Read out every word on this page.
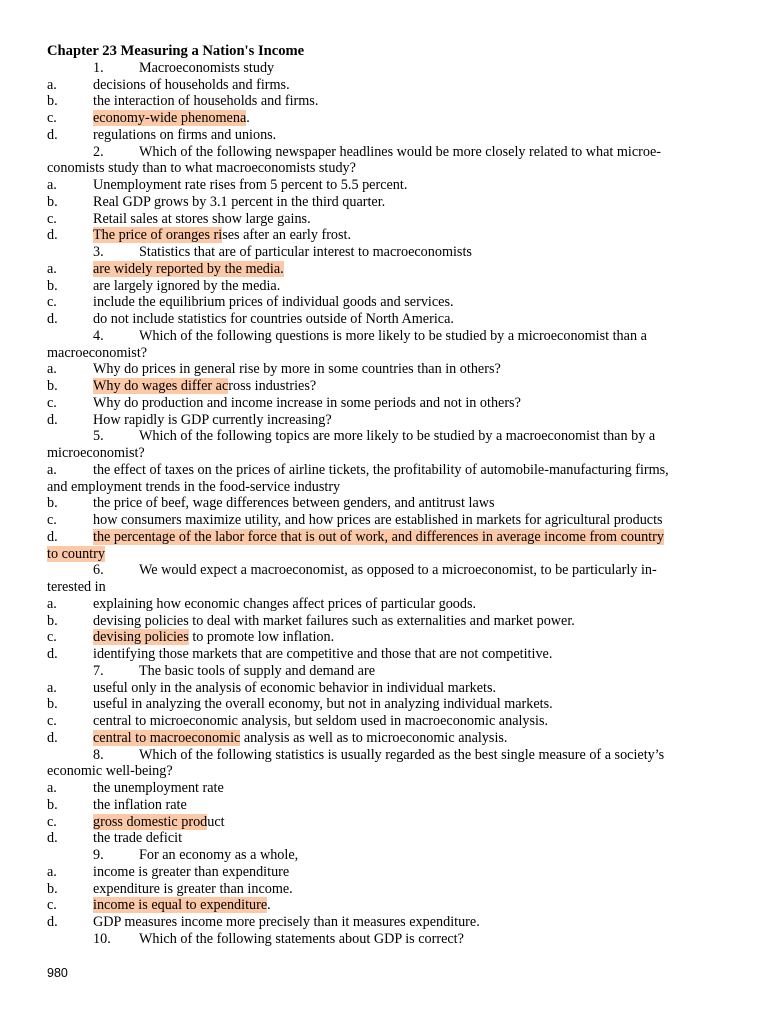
Chapter 23 Measuring a Nation's Income
1. Macroeconomists study
a.	decisions of households and firms.
b. the interaction of households and firms.
c.	economy-wide phenomena.
d. regulations on firms and unions.
2. Which of the following newspaper headlines would be more closely related to what microe-
conomists study than to what macroeconomists study?
a.	Unemployment rate rises from 5 percent to 5.5 percent.
b. Real GDP grows by 3.1 percent in the third quarter.
c.	Retail sales at stores show large gains.
d. The price of oranges rises after an early frost.
3. Statistics that are of particular interest to macroeconomists
a.	are widely reported by the media.
b. are largely ignored by the media.
c.	include the equilibrium prices of individual goods and services.
d. do not include statistics for countries outside of North America.
4. Which of the following questions is more likely to be studied by a microeconomist than a
macroeconomist?
a.	Why do prices in general rise by more in some countries than in others?
b. Why do wages differ across industries?
c.	Why do production and income increase in some periods and not in others?
d. How rapidly is GDP currently increasing?
5. Which of the following topics are more likely to be studied by a macroeconomist than by a
microeconomist?
a.	the effect of taxes on the prices of airline tickets, the profitability of automobile-manufacturing firms,
and employment trends in the food-service industry
b. the price of beef, wage differences between genders, and antitrust laws
c.	how consumers maximize utility, and how prices are established in markets for agricultural products
d. the percentage of the labor force that is out of work, and differences in average income from country
to country
6. We would expect a macroeconomist, as opposed to a microeconomist, to be particularly in-
terested in
a.	explaining how economic changes affect prices of particular goods.
b. devising policies to deal with market failures such as externalities and market power.
c.	devising policies to promote low inflation.
d. identifying those markets that are competitive and those that are not competitive.
7. The basic tools of supply and demand are
a.	useful only in the analysis of economic behavior in individual markets.
b. useful in analyzing the overall economy, but not in analyzing individual markets.
c.	central to microeconomic analysis, but seldom used in macroeconomic analysis.
d. central to macroeconomic analysis as well as to microeconomic analysis.
8. Which of the following statistics is usually regarded as the best single measure of a society’s
economic well-being?
a.	the unemployment rate
b. the inflation rate
c.	gross domestic product
d. the trade deficit
9. For an economy as a whole,
a.	income is greater than expenditure
b. expenditure is greater than income.
c.	income is equal to expenditure.
d. GDP measures income more precisely than it measures expenditure.
10. Which of the following statements about GDP is correct?
980
